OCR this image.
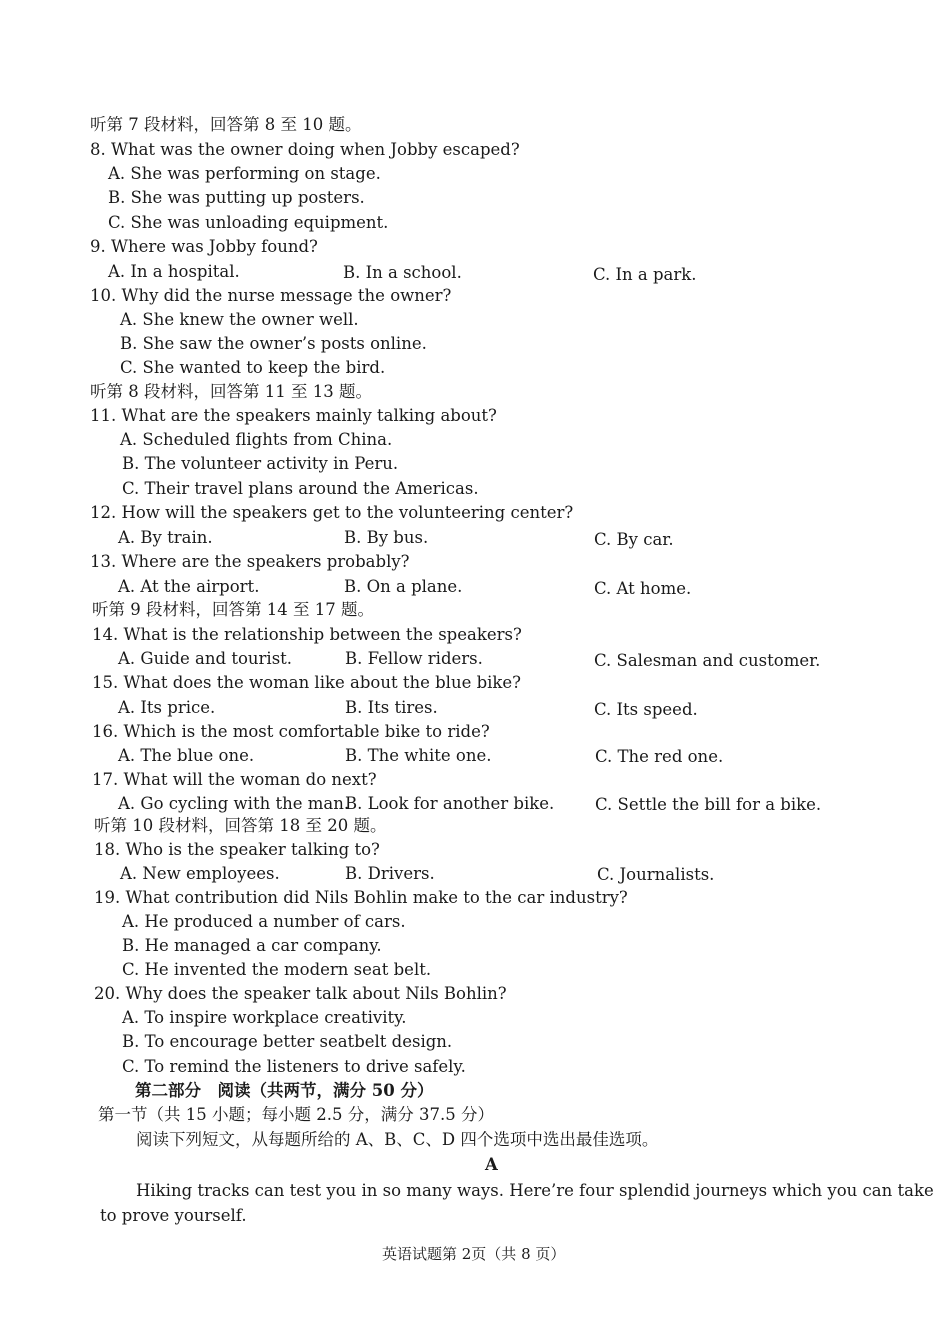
听第 7 段材料，回答第 8 至 10 题。
8. What was the owner doing when Jobby escaped?
A. She was performing on stage.
B. She was putting up posters.
C. She was unloading equipment.
9. Where was Jobby found?
A. In a hospital.	B. In a school.	C. In a park.
10. Why did the nurse message the owner?
A. She knew the owner well.
B. She saw the owner’s posts online.
C. She wanted to keep the bird.
听第 8 段材料，回答第 11 至 13 题。
11. What are the speakers mainly talking about?
A. Scheduled flights from China.
B. The volunteer activity in Peru.
C. Their travel plans around the Americas.
12. How will the speakers get to the volunteering center?
A. By train.	B. By bus.	C. By car.
13. Where are the speakers probably?
A. At the airport.	B. On a plane.	C. At home.
听第 9 段材料，回答第 14 至 17 题。
14. What is the relationship between the speakers?
A. Guide and tourist.	B. Fellow riders.	C. Salesman and customer.
15. What does the woman like about the blue bike?
A. Its price.	B. Its tires.	C. Its speed.
16. Which is the most comfortable bike to ride?
A. The blue one.	B. The white one.	C. The red one.
17. What will the woman do next?
A. Go cycling with the man.
B. Look for another bike. C. Settle the bill for a bike.
听第 10 段材料，回答第 18 至 20 题。
18. Who is the speaker talking to?
A. New employees.	B. Drivers.	C. Journalists.
19. What contribution did Nils Bohlin make to the car industry?
A. He produced a number of cars.
B. He managed a car company.
C. He invented the modern seat belt.
20. Why does the speaker talk about Nils Bohlin?
A. To inspire workplace creativity.
B. To encourage better seatbelt design.
C. To remind the listeners to drive safely.
第二部分　阅读（共两节，满分 50 分）
第一节（共 15 小题；每小题 2.5 分，满分 37.5 分）
阅读下列短文，从每题所给的 A、B、C、D 四个选项中选出最佳选项。
A
Hiking tracks can test you in so many ways. Here’re four splendid journeys which you can take
to prove yourself.
英语试题第 2页（共 8 页）
